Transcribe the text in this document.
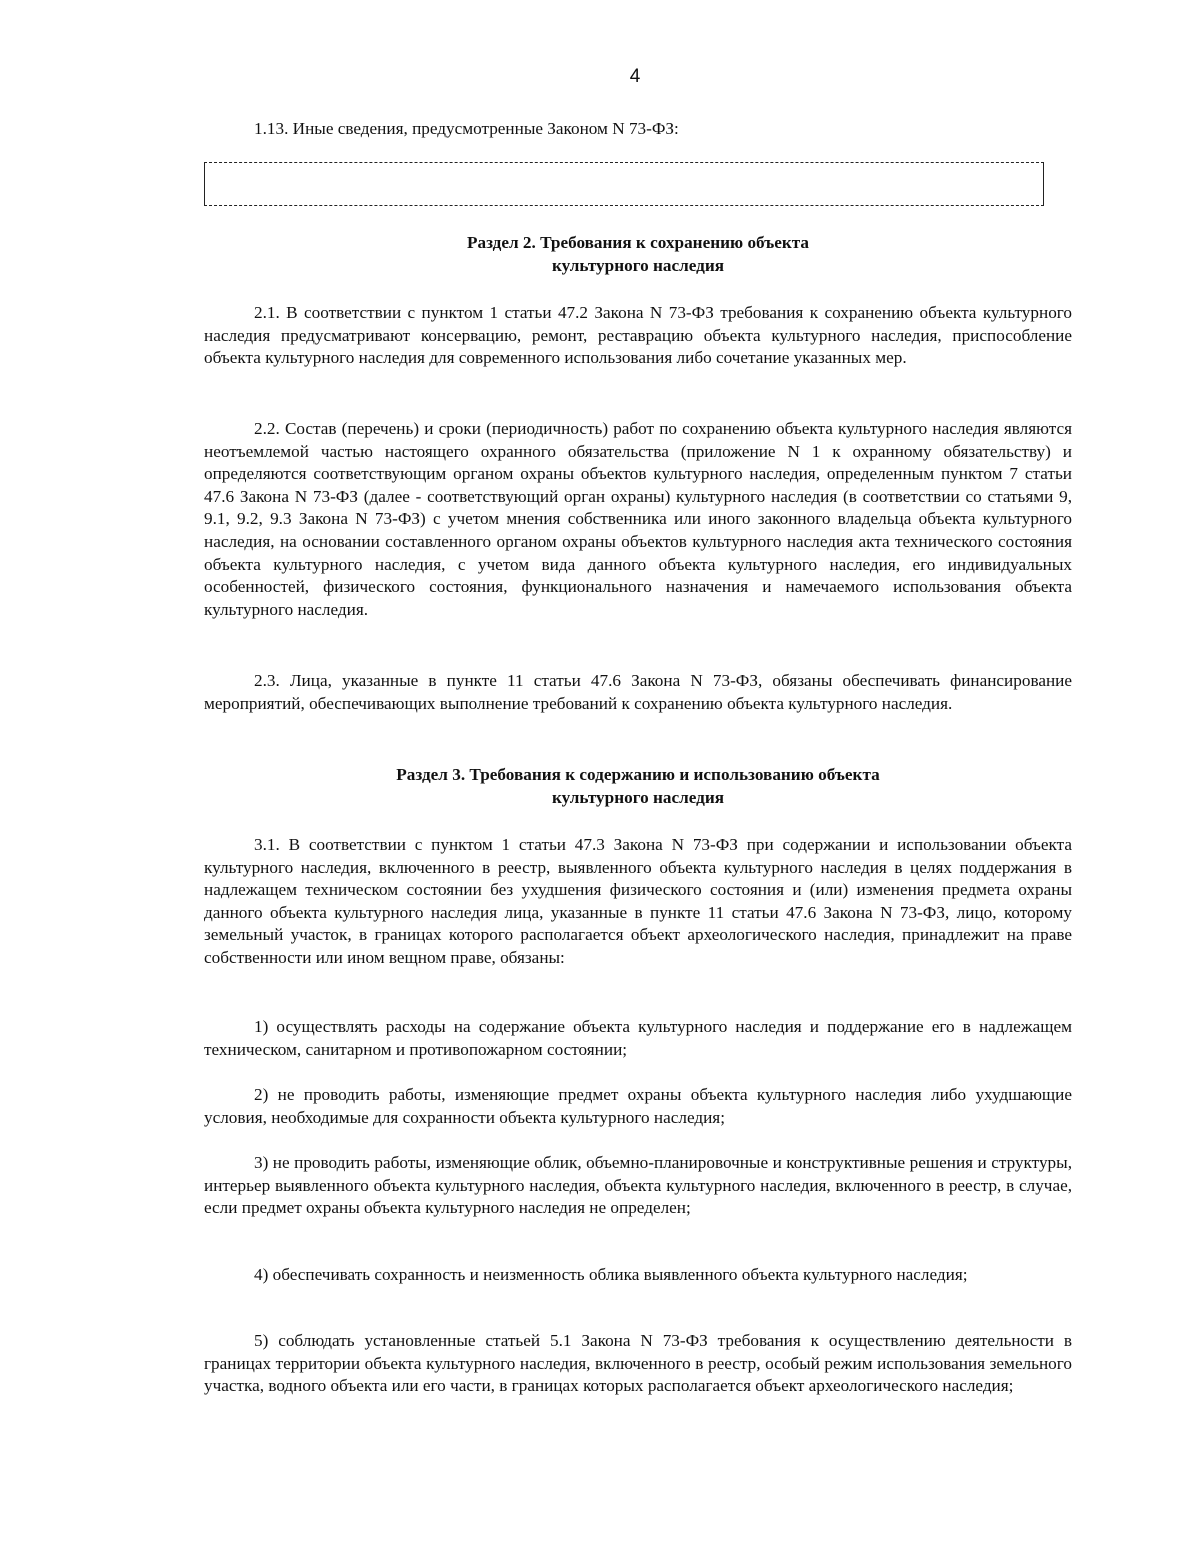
4
1.13. Иные сведения, предусмотренные Законом N 73-ФЗ:
Раздел 2. Требования к сохранению объекта
культурного наследия

2.1. В соответствии с пунктом 1 статьи 47.2 Закона N 73-ФЗ требования к сохранению объекта культурного наследия предусматривают консервацию, ремонт, реставрацию объекта культурного наследия, приспособление объекта культурного наследия для современного использования либо сочетание указанных мер.

2.2. Состав (перечень) и сроки (периодичность) работ по сохранению объекта культурного наследия являются неотъемлемой частью настоящего охранного обязательства (приложение N 1 к охранному обязательству) и определяются соответствующим органом охраны объектов культурного наследия, определенным пунктом 7 статьи 47.6 Закона N 73-ФЗ (далее - соответствующий орган охраны) культурного наследия (в соответствии со статьями 9, 9.1, 9.2, 9.3 Закона N 73-ФЗ) с учетом мнения собственника или иного законного владельца объекта культурного наследия, на основании составленного органом охраны объектов культурного наследия акта технического состояния объекта культурного наследия, с учетом вида данного объекта культурного наследия, его индивидуальных особенностей, физического состояния, функционального назначения и намечаемого использования объекта культурного наследия.

2.3. Лица, указанные в пункте 11 статьи 47.6 Закона N 73-ФЗ, обязаны обеспечивать финансирование мероприятий, обеспечивающих выполнение требований к сохранению объекта культурного наследия.

Раздел 3. Требования к содержанию и использованию объекта
культурного наследия

3.1. В соответствии с пунктом 1 статьи 47.3 Закона N 73-ФЗ при содержании и использовании объекта культурного наследия, включенного в реестр, выявленного объекта культурного наследия в целях поддержания в надлежащем техническом состоянии без ухудшения физического состояния и (или) изменения предмета охраны данного объекта культурного наследия лица, указанные в пункте 11 статьи 47.6 Закона N 73-ФЗ, лицо, которому земельный участок, в границах которого располагается объект археологического наследия, принадлежит на праве собственности или ином вещном праве, обязаны:

1) осуществлять расходы на содержание объекта культурного наследия и поддержание его в надлежащем техническом, санитарном и противопожарном состоянии;

2) не проводить работы, изменяющие предмет охраны объекта культурного наследия либо ухудшающие условия, необходимые для сохранности объекта культурного наследия;

3) не проводить работы, изменяющие облик, объемно-планировочные и конструктивные решения и структуры, интерьер выявленного объекта культурного наследия, объекта культурного наследия, включенного в реестр, в случае, если предмет охраны объекта культурного наследия не определен;

4) обеспечивать сохранность и неизменность облика выявленного объекта культурного наследия;

5) соблюдать установленные статьей 5.1 Закона N 73-ФЗ требования к осуществлению деятельности в границах территории объекта культурного наследия, включенного в реестр, особый режим использования земельного участка, водного объекта или его части, в границах которых располагается объект археологического наследия;
